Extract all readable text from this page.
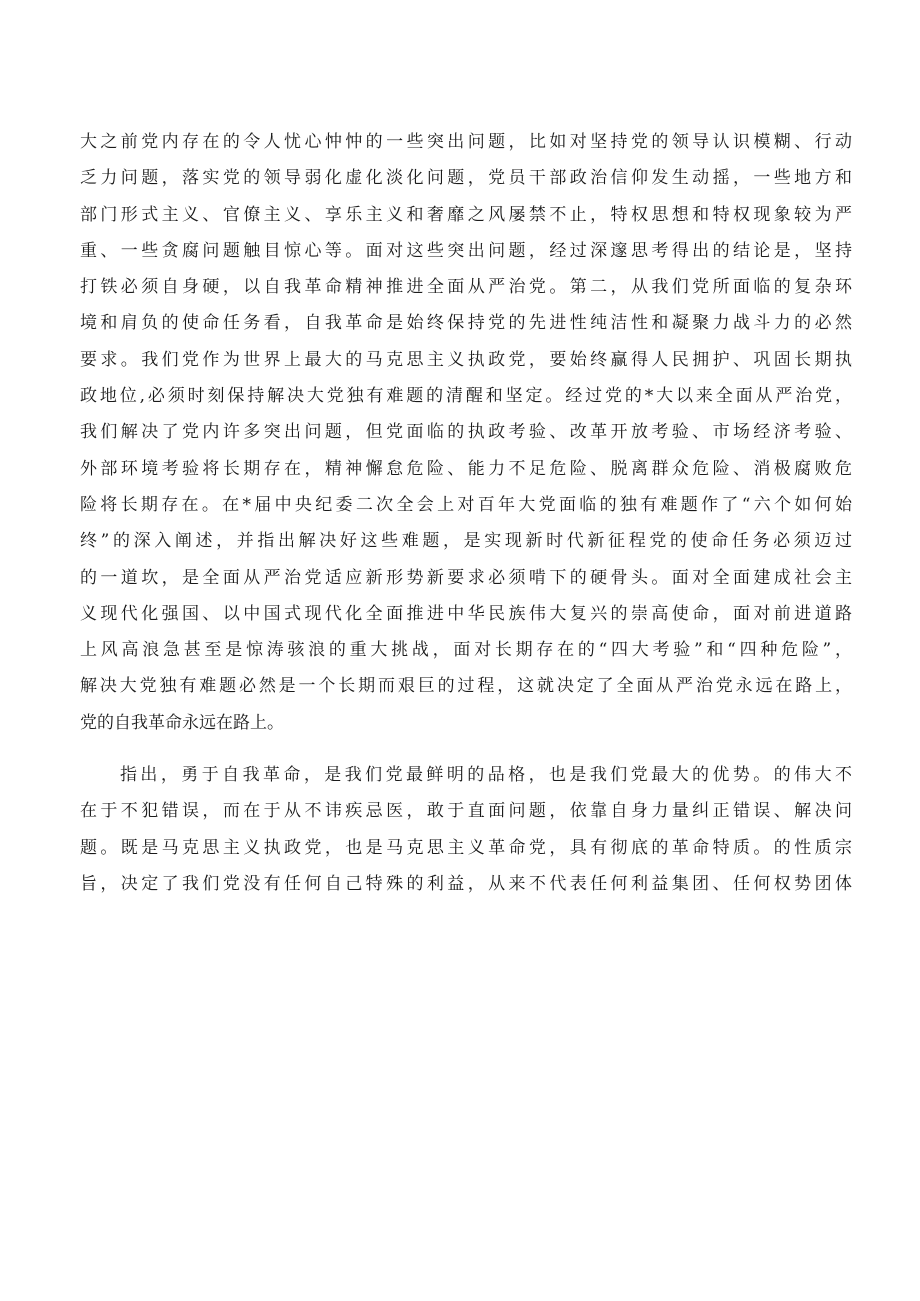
大之前党内存在的令人忧心忡忡的一些突出问题，比如对坚持党的领导认识模糊、行动
乏力问题，落实党的领导弱化虚化淡化问题，党员干部政治信仰发生动摇，一些地方和
部门形式主义、官僚主义、享乐主义和奢靡之风屡禁不止，特权思想和特权现象较为严
重、一些贪腐问题触目惊心等。面对这些突出问题，经过深邃思考得出的结论是，坚持
打铁必须自身硬，以自我革命精神推进全面从严治党。第二，从我们党所面临的复杂环
境和肩负的使命任务看，自我革命是始终保持党的先进性纯洁性和凝聚力战斗力的必然
要求。我们党作为世界上最大的马克思主义执政党，要始终赢得人民拥护、巩固长期执
政地位,必须时刻保持解决大党独有难题的清醒和坚定。经过党的*大以来全面从严治党，
我们解决了党内许多突出问题，但党面临的执政考验、改革开放考验、市场经济考验、
外部环境考验将长期存在，精神懈怠危险、能力不足危险、脱离群众危险、消极腐败危
险将长期存在。在*届中央纪委二次全会上对百年大党面临的独有难题作了“六个如何始
终”的深入阐述，并指出解决好这些难题，是实现新时代新征程党的使命任务必须迈过
的一道坎，是全面从严治党适应新形势新要求必须啃下的硬骨头。面对全面建成社会主
义现代化强国、以中国式现代化全面推进中华民族伟大复兴的崇高使命，面对前进道路
上风高浪急甚至是惊涛骇浪的重大挑战，面对长期存在的“四大考验”和“四种危险”，
解决大党独有难题必然是一个长期而艰巨的过程，这就决定了全面从严治党永远在路上，
党的自我革命永远在路上。
指出，勇于自我革命，是我们党最鲜明的品格，也是我们党最大的优势。的伟大不
在于不犯错误，而在于从不讳疾忌医，敢于直面问题，依靠自身力量纠正错误、解决问
题。既是马克思主义执政党，也是马克思主义革命党，具有彻底的革命特质。的性质宗
旨，决定了我们党没有任何自己特殊的利益，从来不代表任何利益集团、任何权势团体
